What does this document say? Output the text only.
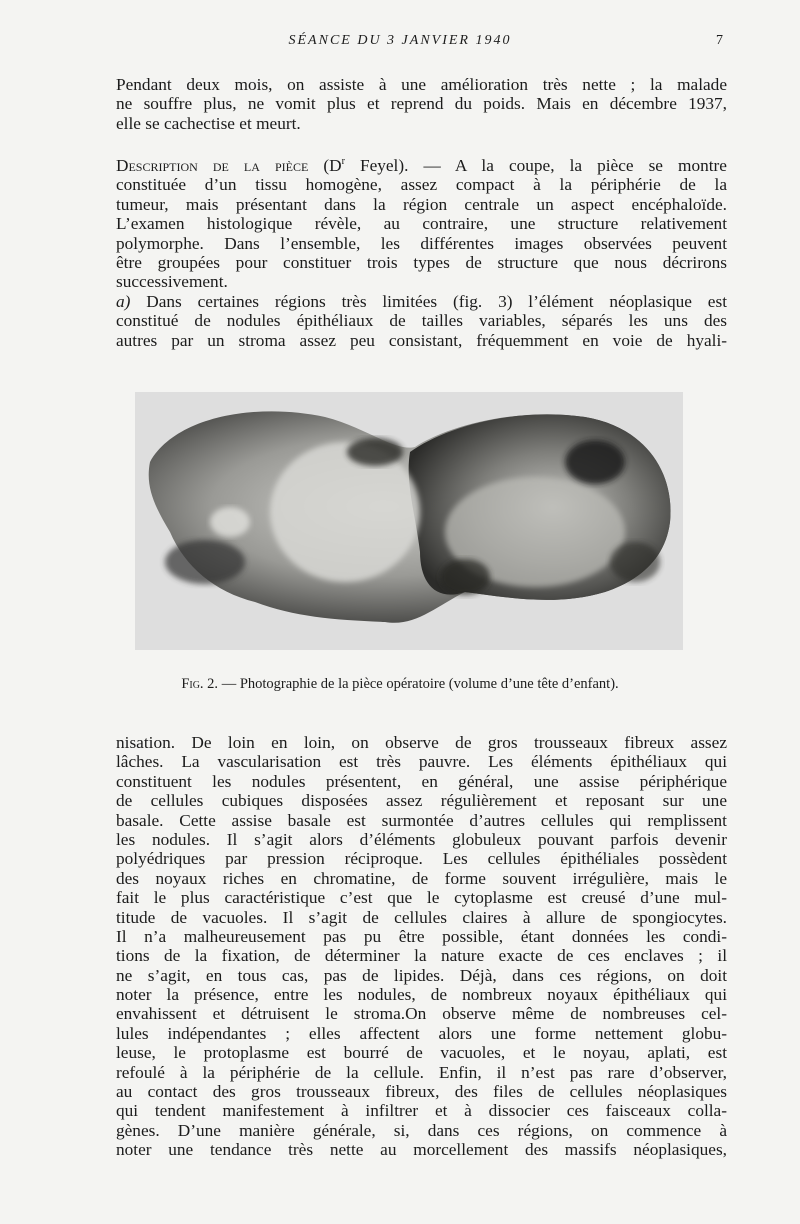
SÉANCE DU 3 JANVIER 1940	7
Pendant deux mois, on assiste à une amélioration très nette ; la malade
ne souffre plus, ne vomit plus et reprend du poids. Mais en décembre 1937,
elle se cachectise et meurt.
Description de la pièce ($D^r$ Feyel). — A la coupe, la pièce se montre
constituée d’un tissu homogène, assez compact à la périphérie de la
tumeur, mais présentant dans la région centrale un aspect encéphaloïde.
L’examen histologique révèle, au contraire, une structure relativement
polymorphe. Dans l’ensemble, les différentes images observées peuvent
être groupées pour constituer trois types de structure que nous décrirons
successivement.
a) Dans certaines régions très limitées (fig. 3) l’élément néoplasique est
constitué de nodules épithéliaux de tailles variables, séparés les uns des
autres par un stroma assez peu consistant, fréquemment en voie de hyali-
Fig. 2. — Photographie de la pièce opératoire (volume d’une tête d’enfant).
nisation. De loin en loin, on observe de gros trousseaux fibreux assez
lâches. La vascularisation est très pauvre. Les éléments épithéliaux qui
constituent les nodules présentent, en général, une assise périphérique
de cellules cubiques disposées assez régulièrement et reposant sur une
basale. Cette assise basale est surmontée d’autres cellules qui remplissent
les nodules. Il s’agit alors d’éléments globuleux pouvant parfois devenir
polyédriques par pression réciproque. Les cellules épithéliales possèdent
des noyaux riches en chromatine, de forme souvent irrégulière, mais le
fait le plus caractéristique c’est que le cytoplasme est creusé d’une mul-
titude de vacuoles. Il s’agit de cellules claires à allure de spongiocytes.
Il n’a malheureusement pas pu être possible, étant données les condi-
tions de la fixation, de déterminer la nature exacte de ces enclaves ; il
ne s’agit, en tous cas, pas de lipides. Déjà, dans ces régions, on doit
noter la présence, entre les nodules, de nombreux noyaux épithéliaux qui
envahissent et détruisent le stroma.On observe même de nombreuses cel-
lules indépendantes ; elles affectent alors une forme nettement globu-
leuse, le protoplasme est bourré de vacuoles, et le noyau, aplati, est
refoulé à la périphérie de la cellule. Enfin, il n’est pas rare d’observer,
au contact des gros trousseaux fibreux, des files de cellules néoplasiques
qui tendent manifestement à infiltrer et à dissocier ces faisceaux colla-
gènes. D’une manière générale, si, dans ces régions, on commence à
noter une tendance très nette au morcellement des massifs néoplasiques,
